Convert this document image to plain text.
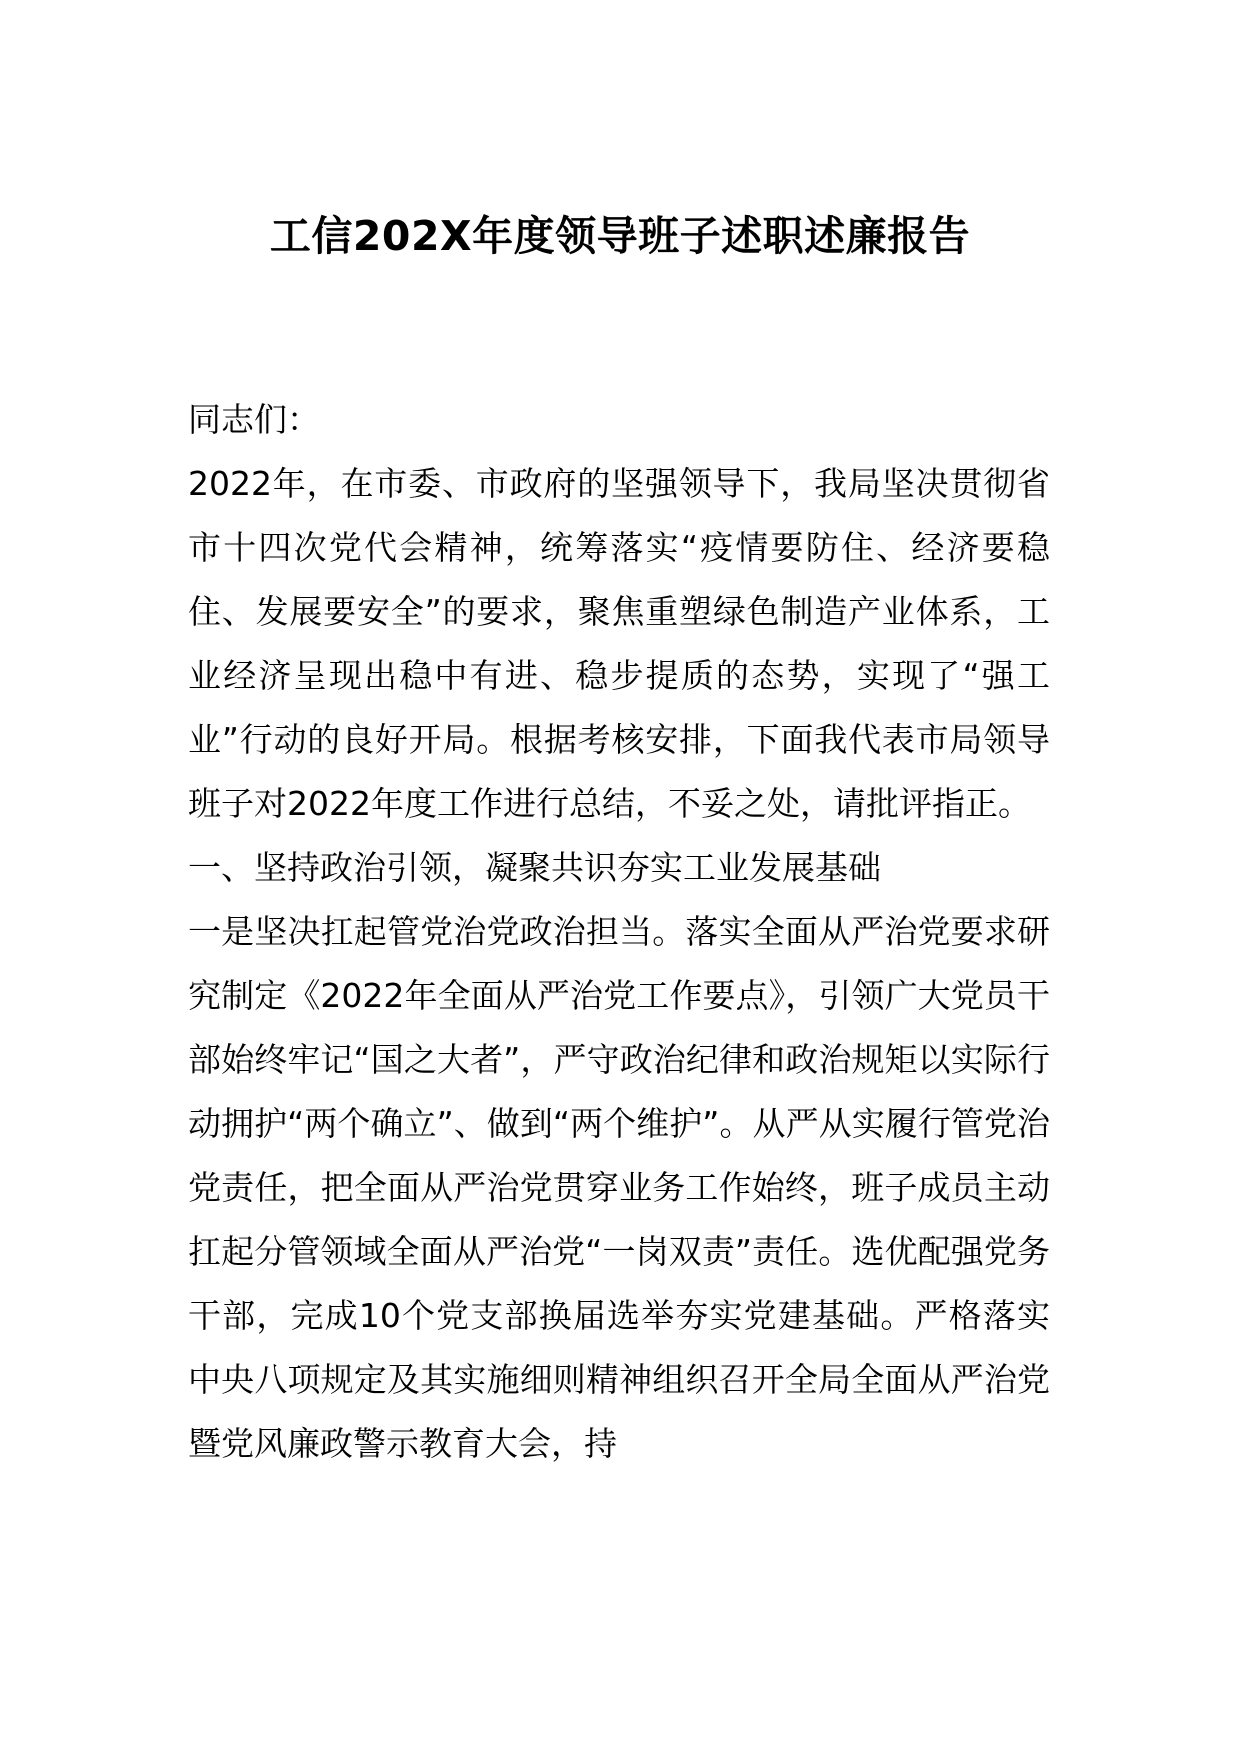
工信202X年度领导班子述职述廉报告

同志们：

2022年，在市委、市政府的坚强领导下，我局坚决贯彻省市十四次党代会精神，统筹落实“疫情要防住、经济要稳住、发展要安全”的要求，聚焦重塑绿色制造产业体系，工业经济呈现出稳中有进、稳步提质的态势，实现了“强工业”行动的良好开局。根据考核安排，下面我代表市局领导班子对2022年度工作进行总结，不妥之处，请批评指正。

一、坚持政治引领，凝聚共识夯实工业发展基础

一是坚决扛起管党治党政治担当。落实全面从严治党要求研究制定《2022年全面从严治党工作要点》，引领广大党员干部始终牢记“国之大者”，严守政治纪律和政治规矩以实际行动拥护“两个确立”、做到“两个维护”。从严从实履行管党治党责任，把全面从严治党贯穿业务工作始终，班子成员主动扛起分管领域全面从严治党“一岗双责”责任。选优配强党务干部，完成10个党支部换届选举夯实党建基础。严格落实中央八项规定及其实施细则精神组织召开全局全面从严治党暨党风廉政警示教育大会，持
